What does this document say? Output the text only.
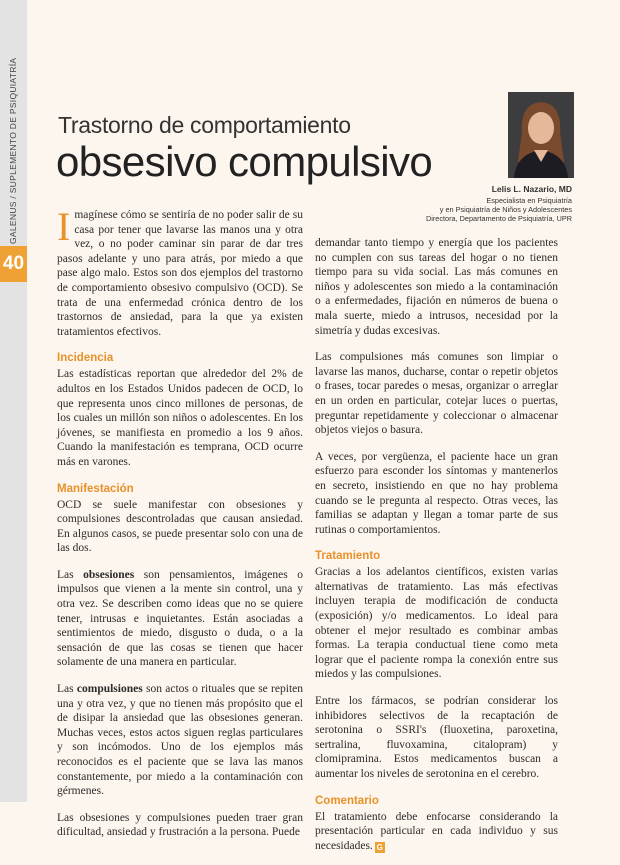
GALENUS / SUPLEMENTO DE PSIQUIATRÍA
40
Trastorno de comportamiento
obsesivo compulsivo
Lelis L. Nazario, MD
Especialista en Psiquiatría
y en Psiquiatría de Niños y Adolescentes
Directora, Departamento de Psiquiatría, UPR

Imagínese cómo se sentiría de no poder salir de su casa por tener que lavarse las manos una y otra vez, o no poder caminar sin parar de dar tres pasos adelante y uno para atrás, por miedo a que pase algo malo. Estos son dos ejemplos del trastorno de comportamiento obsesivo compulsivo (OCD). Se trata de una enfermedad crónica dentro de los trastornos de ansiedad, para la que ya existen tratamientos efectivos.

Incidencia

Las estadísticas reportan que alrededor del 2% de adultos en los Estados Unidos padecen de OCD, lo que representa unos cinco millones de personas, de los cuales un millón son niños o adolescentes. En los jóvenes, se manifiesta en promedio a los 9 años. Cuando la manifestación es temprana, OCD ocurre más en varones.

Manifestación

OCD se suele manifestar con obsesiones y compulsiones descontroladas que causan ansiedad. En algunos casos, se puede presentar solo con una de las dos.

Las obsesiones son pensamientos, imágenes o impulsos que vienen a la mente sin control, una y otra vez. Se describen como ideas que no se quiere tener, intrusas e inquietantes. Están asociadas a sentimientos de miedo, disgusto o duda, o a la sensación de que las cosas se tienen que hacer solamente de una manera en particular.

Las compulsiones son actos o rituales que se repiten una y otra vez, y que no tienen más propósito que el de disipar la ansiedad que las obsesiones generan. Muchas veces, estos actos siguen reglas particulares y son incómodos. Uno de los ejemplos más reconocidos es el paciente que se lava las manos constantemente, por miedo a la contaminación con gérmenes.

Las obsesiones y compulsiones pueden traer gran dificultad, ansiedad y frustración a la persona. Puede

demandar tanto tiempo y energía que los pacientes no cumplen con sus tareas del hogar o no tienen tiempo para su vida social. Las más comunes en niños y adolescentes son miedo a la contaminación o a enfermedades, fijación en números de buena o mala suerte, miedo a intrusos, necesidad por la simetría y dudas excesivas.

Las compulsiones más comunes son limpiar o lavarse las manos, ducharse, contar o repetir objetos o frases, tocar paredes o mesas, organizar o arreglar en un orden en particular, cotejar luces o puertas, preguntar repetidamente y coleccionar o almacenar objetos viejos o basura.

A veces, por vergüenza, el paciente hace un gran esfuerzo para esconder los síntomas y mantenerlos en secreto, insistiendo en que no hay problema cuando se le pregunta al respecto. Otras veces, las familias se adaptan y llegan a tomar parte de sus rutinas o comportamientos.

Tratamiento

Gracias a los adelantos científicos, existen varias alternativas de tratamiento. Las más efectivas incluyen terapia de modificación de conducta (exposición) y/o medicamentos. Lo ideal para obtener el mejor resultado es combinar ambas formas. La terapia conductual tiene como meta lograr que el paciente rompa la conexión entre sus miedos y las compulsiones.

Entre los fármacos, se podrían considerar los inhibidores selectivos de la recaptación de serotonina o SSRI's (fluoxetina, paroxetina, sertralina, fluvoxamina, citalopram) y clomipramina. Estos medicamentos buscan a aumentar los niveles de serotonina en el cerebro.

Comentario

El tratamiento debe enfocarse considerando la presentación particular en cada individuo y sus necesidades. G
